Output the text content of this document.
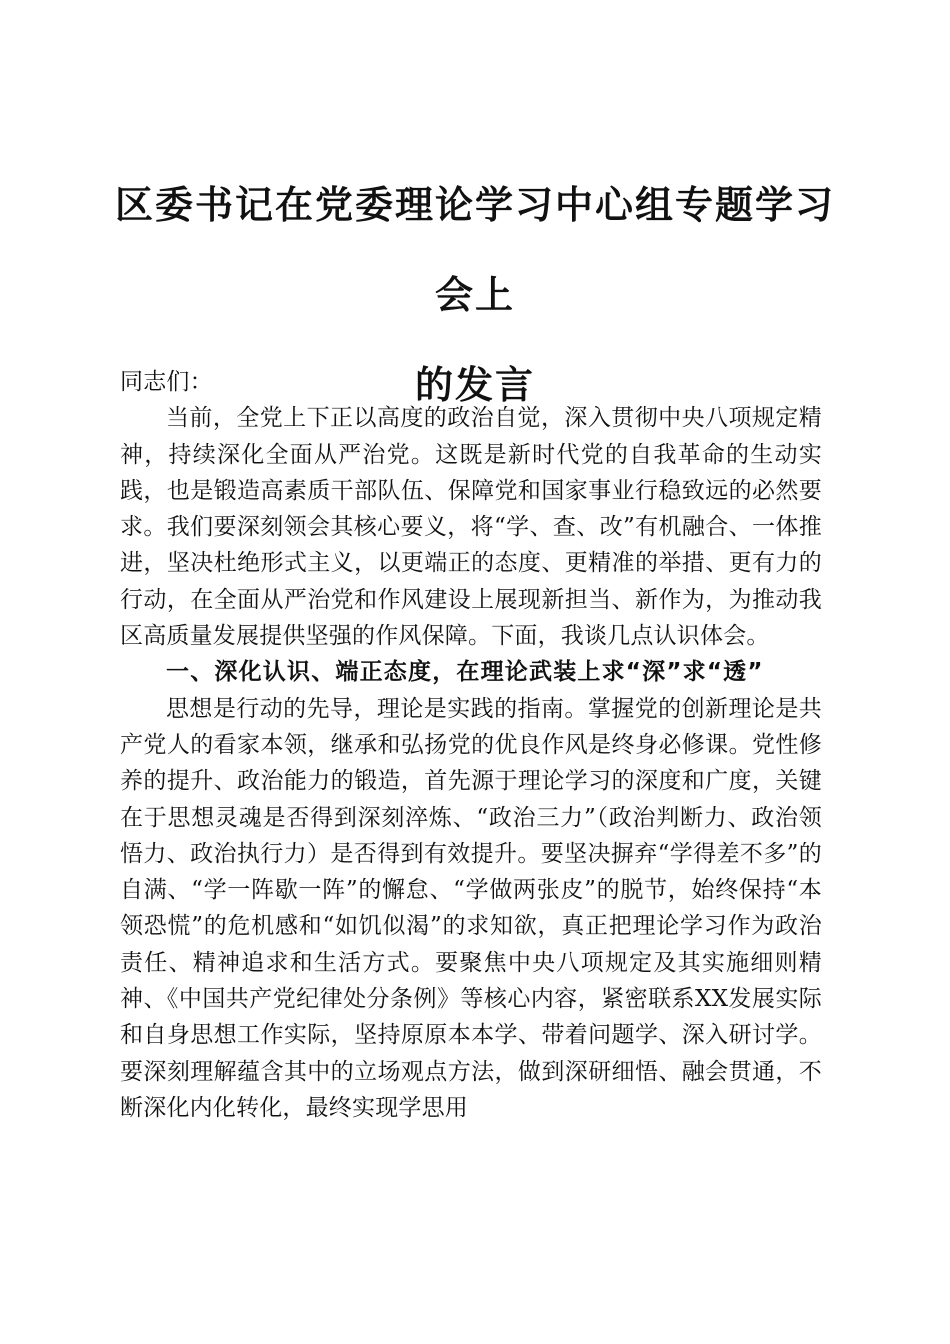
区委书记在党委理论学习中心组专题学习会上
的发言

同志们：

当前，全党上下正以高度的政治自觉，深入贯彻中央八项规定精神，持续深化全面从严治党。这既是新时代党的自我革命的生动实践，也是锻造高素质干部队伍、保障党和国家事业行稳致远的必然要求。我们要深刻领会其核心要义，将“学、查、改”有机融合、一体推进，坚决杜绝形式主义，以更端正的态度、更精准的举措、更有力的行动，在全面从严治党和作风建设上展现新担当、新作为，为推动我区高质量发展提供坚强的作风保障。下面，我谈几点认识体会。

一、深化认识、端正态度，在理论武装上求“深”求“透”

思想是行动的先导，理论是实践的指南。掌握党的创新理论是共产党人的看家本领，继承和弘扬党的优良作风是终身必修课。党性修养的提升、政治能力的锻造，首先源于理论学习的深度和广度，关键在于思想灵魂是否得到深刻淬炼、“政治三力”（政治判断力、政治领悟力、政治执行力）是否得到有效提升。要坚决摒弃“学得差不多”的自满、“学一阵歇一阵”的懈怠、“学做两张皮”的脱节，始终保持“本领恐慌”的危机感和“如饥似渴”的求知欲，真正把理论学习作为政治责任、精神追求和生活方式。要聚焦中央八项规定及其实施细则精神、《中国共产党纪律处分条例》等核心内容，紧密联系XX发展实际和自身思想工作实际，坚持原原本本学、带着问题学、深入研讨学。要深刻理解蕴含其中的立场观点方法，做到深研细悟、融会贯通，不断深化内化转化，最终实现学思用
